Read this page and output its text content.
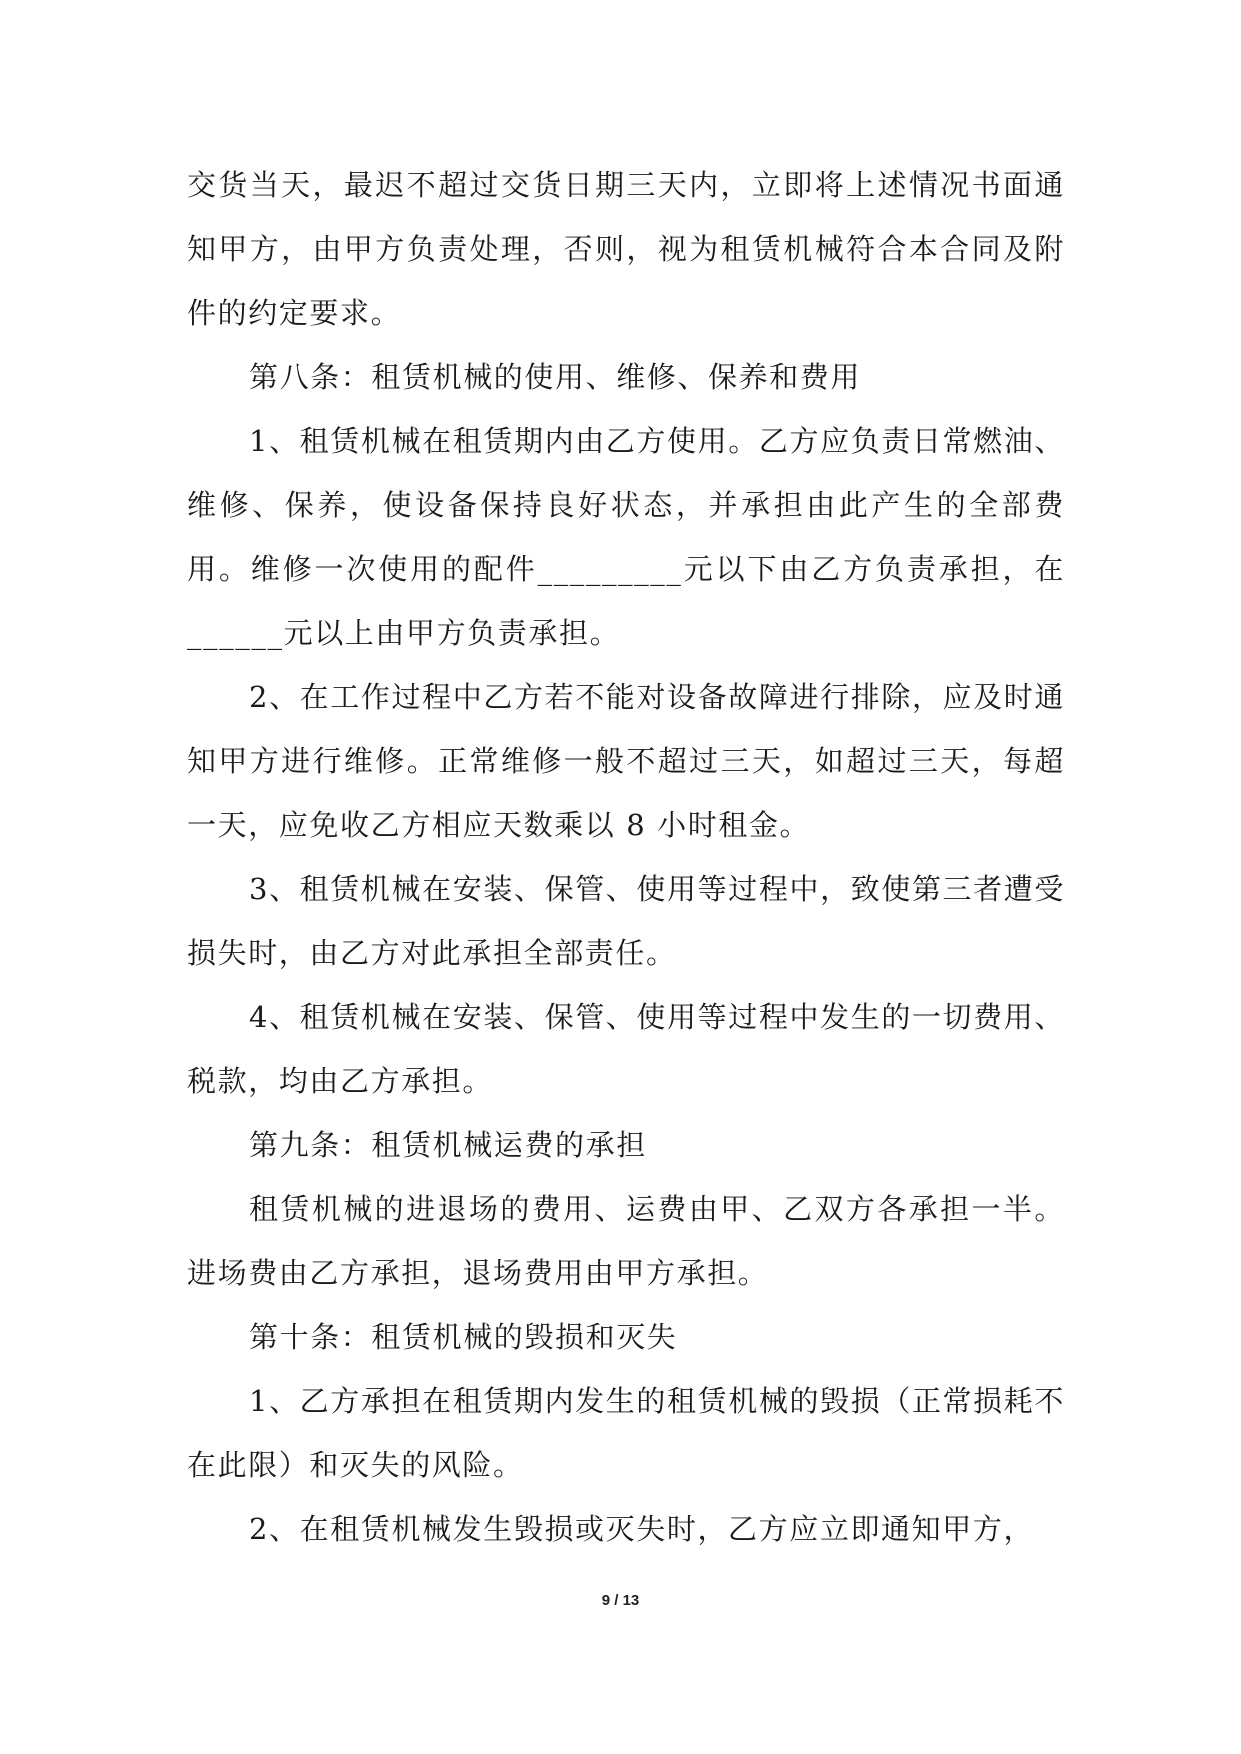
交货当天，最迟不超过交货日期三天内，立即将上述情况书面通知甲方，由甲方负责处理，否则，视为租赁机械符合本合同及附件的约定要求。

第八条：租赁机械的使用、维修、保养和费用

1、租赁机械在租赁期内由乙方使用。乙方应负责日常燃油、维修、保养，使设备保持良好状态，并承担由此产生的全部费用。维修一次使用的配件_________元以下由乙方负责承担，在______元以上由甲方负责承担。

2、在工作过程中乙方若不能对设备故障进行排除，应及时通知甲方进行维修。正常维修一般不超过三天，如超过三天，每超一天，应免收乙方相应天数乘以 8 小时租金。

3、租赁机械在安装、保管、使用等过程中，致使第三者遭受损失时，由乙方对此承担全部责任。

4、租赁机械在安装、保管、使用等过程中发生的一切费用、税款，均由乙方承担。

第九条：租赁机械运费的承担

租赁机械的进退场的费用、运费由甲、乙双方各承担一半。进场费由乙方承担，退场费用由甲方承担。

第十条：租赁机械的毁损和灭失

1、乙方承担在租赁期内发生的租赁机械的毁损（正常损耗不在此限）和灭失的风险。

2、在租赁机械发生毁损或灭失时，乙方应立即通知甲方，

9 / 13
